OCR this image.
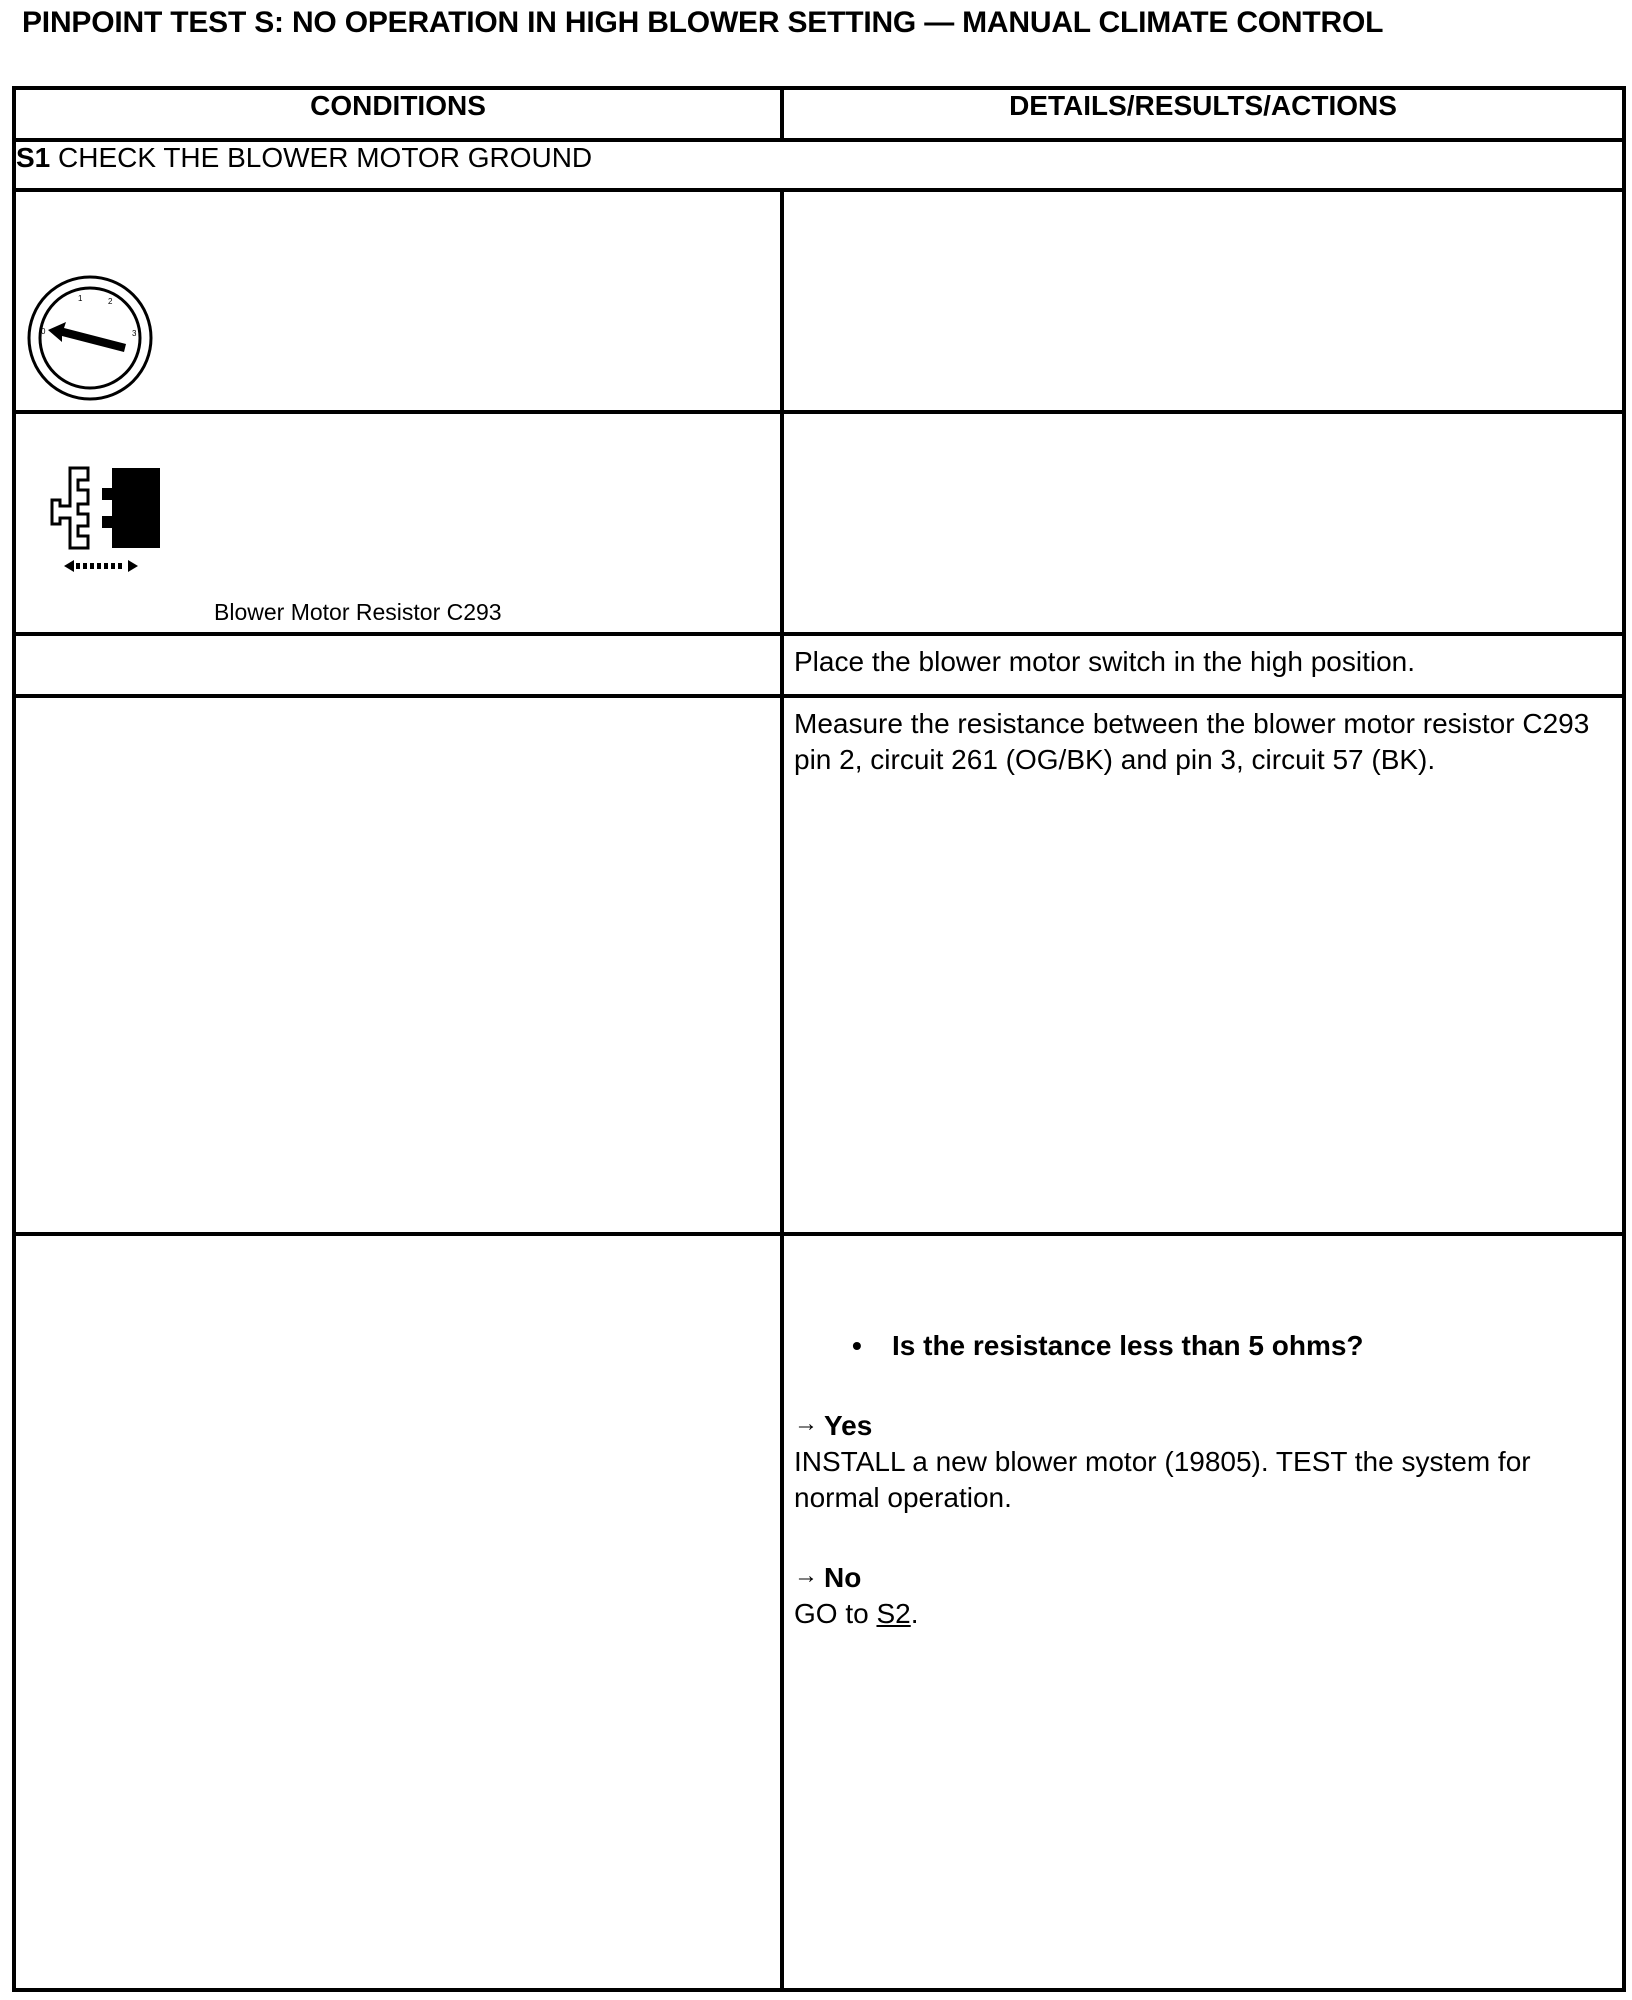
PINPOINT TEST S: NO OPERATION IN HIGH BLOWER SETTING — MANUAL CLIMATE CONTROL
CONDITIONS	DETAILS/RESULTS/ACTIONS
S1 CHECK THE BLOWER MOTOR GROUND	

1 2
0 3	

Blower Motor Resistor C293	

	Place the blower motor switch in the high position.

	Measure the resistance between the blower motor resistor C293 pin 2, circuit 261 (OG/BK) and pin 3, circuit 57 (BK).

	• Is the resistance less than 5 ohms?
→ Yes
INSTALL a new blower motor (19805). TEST the system for normal operation.
→ No
GO to S2.
